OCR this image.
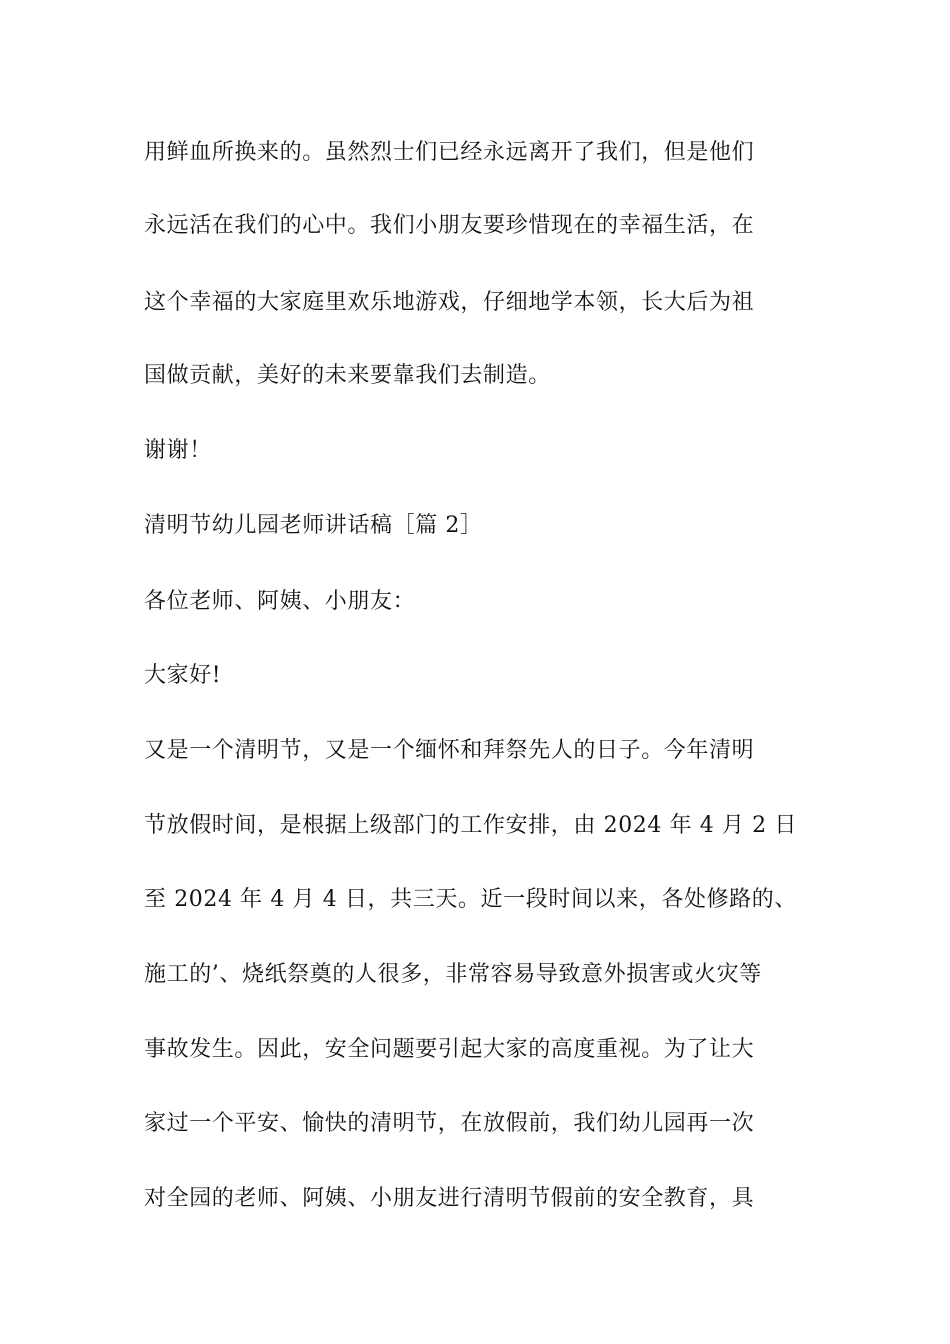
用鲜血所换来的。虽然烈士们已经永远离开了我们，但是他们
永远活在我们的心中。我们小朋友要珍惜现在的幸福生活，在
这个幸福的大家庭里欢乐地游戏，仔细地学本领，长大后为祖
国做贡献，美好的未来要靠我们去制造。
谢谢！
清明节幼儿园老师讲话稿［篇 2］
各位老师、阿姨、小朋友：
大家好!
又是一个清明节，又是一个缅怀和拜祭先人的日子。今年清明
节放假时间，是根据上级部门的工作安排，由 2024 年 4 月 2 日
至 2024 年 4 月 4 日，共三天。近一段时间以来，各处修路的、
施工的’、烧纸祭奠的人很多，非常容易导致意外损害或火灾等
事故发生。因此，安全问题要引起大家的高度重视。为了让大
家过一个平安、愉快的清明节，在放假前，我们幼儿园再一次
对全园的老师、阿姨、小朋友进行清明节假前的安全教育，具
